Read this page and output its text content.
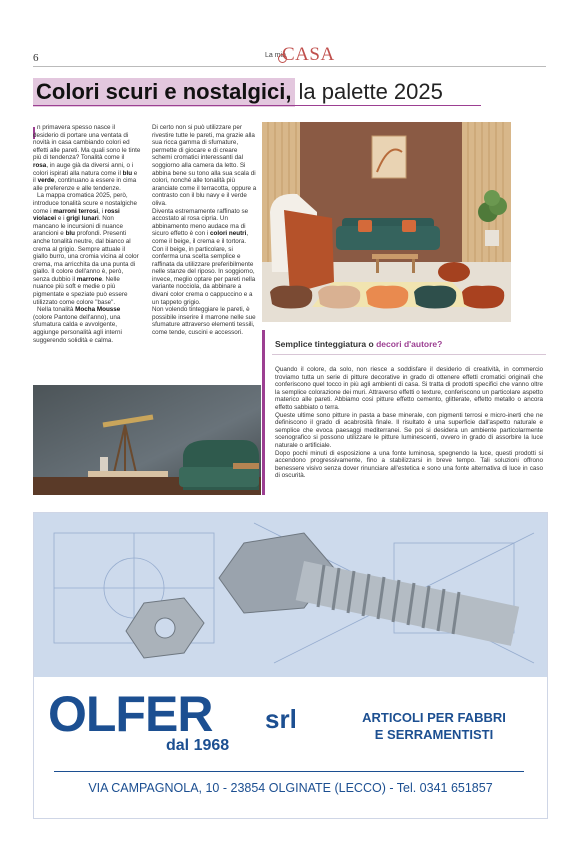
6	La mia
CASA
Colori scuri e nostalgici, la palette 2025

n primavera spesso nasce il desiderio di portare una ventata di novità in casa cambiando colori ed effetti alle pareti. Ma quali sono le tinte più di tendenza? Tonalità come il rosa, in auge già da diversi anni, o i colori ispirati alla natura come il blu e il verde, continuano a essere in cima alle preferenze e alle tendenze.

La mappa cromatica 2025, però, introduce tonalità scure e nostalgiche come i marroni terrosi, i rossi violacei e i grigi lunari. Non mancano le incursioni di nuance arancioni e blu profondi. Presenti anche tonalità neutre, dal bianco al crema al grigio. Sempre attuale il giallo burro, una cromia vicina al color crema, ma arricchita da una punta di giallo. Il colore dell'anno è, però, senza dubbio il marrone. Nelle nuance più soft e medie o più pigmentate e speziate può essere utilizzato come colore "base".

Nella tonalità Mocha Mousse (colore Pantone dell'anno), una sfumatura calda e avvolgente, aggiunge personalità agli interni suggerendo solidità e calma.

Di certo non si può utilizzare per rivestire tutte le pareti, ma grazie alla sua ricca gamma di sfumature, permette di giocare e di creare schemi cromatici interessanti dal soggiorno alla camera da letto. Si abbina bene su tono alla sua scala di colori, nonché alle tonalità più aranciate come il terracotta, oppure a contrasto con il blu navy e il verde oliva.

Diventa estremamente raffinato se accostato al rosa cipria. Un abbinamento meno audace ma di sicuro effetto è con i colori neutri, come il beige, il crema e il tortora. Con il beige, in particolare, si conferma una scelta semplice e raffinata da utilizzare preferibilmente nelle stanze del riposo. In soggiorno, invece, meglio optare per pareti nella variante nocciola, da abbinare a divani color crema o cappuccino e a un tappeto grigio.

Non volendo tinteggiare le pareti, è possibile inserire il marrone nelle sue sfumature attraverso elementi tessili, come tende, cuscini e accessori.

Semplice tinteggiatura o decori d'autore?

Quando il colore, da solo, non riesce a soddisfare il desiderio di creatività, in commercio troviamo tutta un serie di pitture decorative in grado di ottenere effetti cromatici originali che conferiscono quel tocco in più agli ambienti di casa. Si tratta di prodotti specifici che vanno oltre la semplice colorazione dei muri. Attraverso effetti o texture, conferiscono un particolare aspetto materico alle pareti. Abbiamo così pitture effetto cemento, glitterate, effetto metallo o ancora effetto sabbiato o terra.

Queste ultime sono pitture in pasta a base minerale, con pigmenti terrosi e micro-inerti che ne definiscono il grado di acabrosità finale. Il risultato è una superficie dall'aspetto naturale e semplice che evoca paesaggi mediterranei. Se poi si desidera un ambiente particolarmente scenografico si possono utilizzare le pitture luminescenti, ovvero in grado di assorbire la luce naturale o artificiale.

Dopo pochi minuti di esposizione a una fonte luminosa, spegnendo la luce, questi prodotti si accendono progressivamente, fino a stabilizzarsi in breve tempo. Tali soluzioni offrono benessere visivo senza dover rinunciare all'estetica e sono una fonte alternativa di luce in caso di oscurità.

OLFER srl
dal 1968
ARTICOLI PER FABBRI
E SERRAMENTISTI
VIA CAMPAGNOLA, 10 - 23854 OLGINATE (LECCO) - Tel. 0341 651857
